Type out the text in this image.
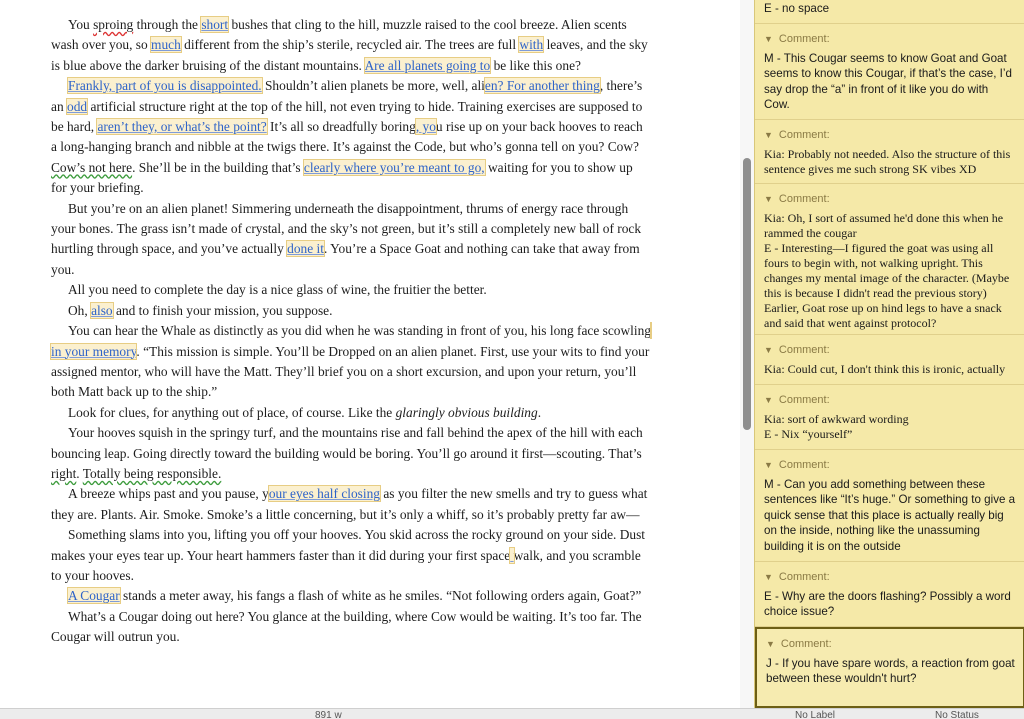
You sproing through the short bushes that cling to the hill, muzzle raised to the cool breeze. Alien scents wash over you, so much different from the ship’s sterile, recycled air. The trees are full with leaves, and the sky is blue above the darker bruising of the distant mountains. Are all planets going to be like this one?
Frankly, part of you is disappointed. Shouldn’t alien planets be more, well, alien? For another thing, there’s an odd artificial structure right at the top of the hill, not even trying to hide. Training exercises are supposed to be hard, aren’t they, or what’s the point? It’s all so dreadfully boring, you rise up on your back hooves to reach a long-hanging branch and nibble at the twigs there. It’s against the Code, but who’s gonna tell on you? Cow? Cow’s not here. She’ll be in the building that’s clearly where you’re meant to go, waiting for you to show up for your briefing.
But you’re on an alien planet! Simmering underneath the disappointment, thrums of energy race through your bones. The grass isn’t made of crystal, and the sky’s not green, but it’s still a completely new ball of rock hurtling through space, and you’ve actually done it. You’re a Space Goat and nothing can take that away from you.
All you need to complete the day is a nice glass of wine, the fruitier the better.
Oh, also and to finish your mission, you suppose.
You can hear the Whale as distinctly as you did when he was standing in front of you, his long face scowling in your memory. “This mission is simple. You’ll be Dropped on an alien planet. First, use your wits to find your assigned mentor, who will have the Matt. They’ll brief you on a short excursion, and upon your return, you’ll both Matt back up to the ship.”
Look for clues, for anything out of place, of course. Like the glaringly obvious building.
Your hooves squish in the springy turf, and the mountains rise and fall behind the apex of the hill with each bouncing leap. Going directly toward the building would be boring. You’ll go around it first—scouting. That’s right. Totally being responsible.
A breeze whips past and you pause, your eyes half closing as you filter the new smells and try to guess what they are. Plants. Air. Smoke. Smoke’s a little concerning, but it’s only a whiff, so it’s probably pretty far aw—
Something slams into you, lifting you off your hooves. You skid across the rocky ground on your side. Dust makes your eyes tear up. Your heart hammers faster than it did during your first space walk, and you scramble to your hooves.
A Cougar stands a meter away, his fangs a flash of white as he smiles. “Not following orders again, Goat?”
What’s a Cougar doing out here? You glance at the building, where Cow would be waiting. It’s too far. The Cougar will outrun you.
E - no space
▼ Comment:
M - This Cougar seems to know Goat and Goat seems to know this Cougar, if that’s the case, I’d say drop the “a” in front of it like you do with Cow.
▼ Comment:
Kia: Probably not needed. Also the structure of this sentence gives me such strong SK vibes XD
▼ Comment:
Kia: Oh, I sort of assumed he'd done this when he rammed the cougar
E - Interesting—I figured the goat was using all fours to begin with, not walking upright. This changes my mental image of the character. (Maybe this is because I didn't read the previous story) Earlier, Goat rose up on hind legs to have a snack and said that went against protocol?
▼ Comment:
Kia: Could cut, I don't think this is ironic, actually
▼ Comment:
Kia: sort of awkward wording
E - Nix “yourself”
▼ Comment:
M - Can you add something between these sentences like “It’s huge.” Or something to give a quick sense that this place is actually really big on the inside, nothing like the unassuming building it is on the outside
▼ Comment:
E - Why are the doors flashing? Possibly a word choice issue?
▼ Comment:
J - If you have spare words, a reaction from goat between these wouldn't hurt?
891 w	No Label	No Status
